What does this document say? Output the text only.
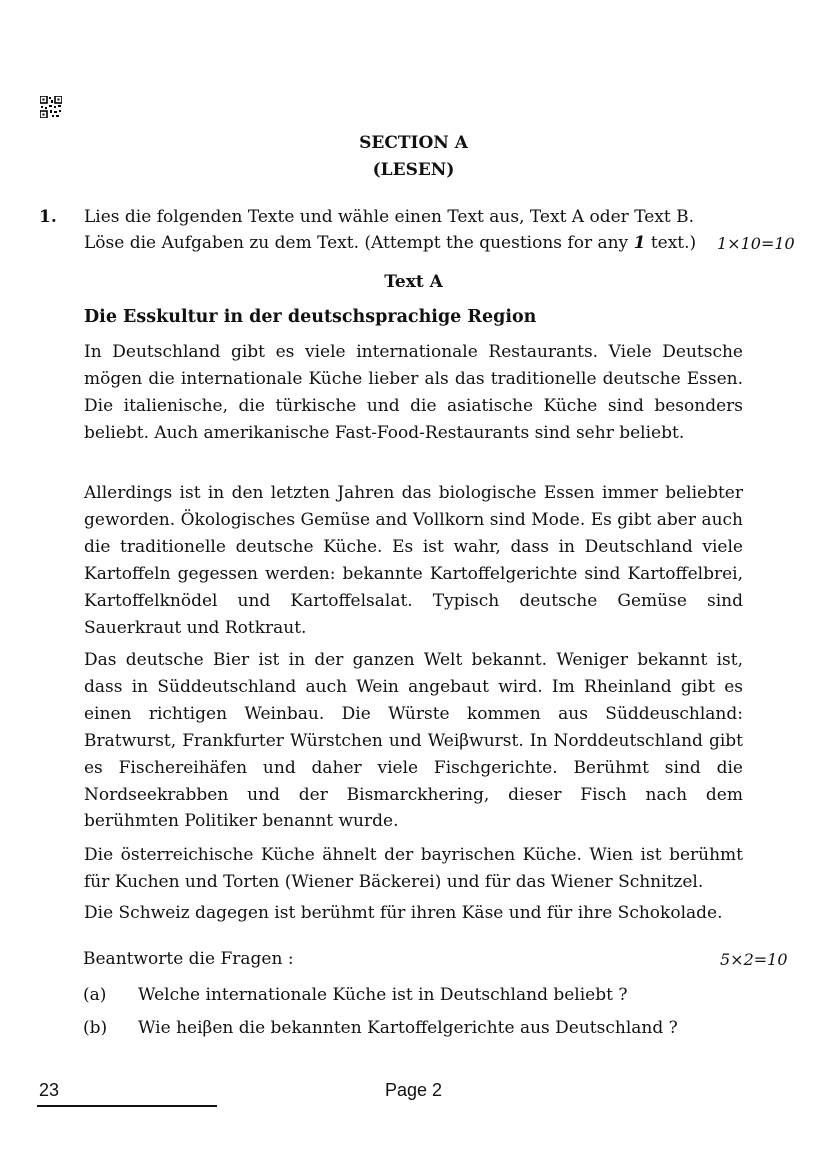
SECTION A
(LESEN)
1. Lies die folgenden Texte und wähle einen Text aus, Text A oder Text B.
Löse die Aufgaben zu dem Text. (Attempt the questions for any 1 text.) 1×10=10
Text A
Die Esskultur in der deutschsprachige Region

In Deutschland gibt es viele internationale Restaurants. Viele Deutsche mögen die internationale Küche lieber als das traditionelle deutsche Essen. Die italienische, die türkische und die asiatische Küche sind besonders beliebt. Auch amerikanische Fast-Food-Restaurants sind sehr beliebt.

Allerdings ist in den letzten Jahren das biologische Essen immer beliebter geworden. Ökologisches Gemüse and Vollkorn sind Mode. Es gibt aber auch die traditionelle deutsche Küche. Es ist wahr, dass in Deutschland viele Kartoffeln gegessen werden: bekannte Kartoffelgerichte sind Kartoffelbrei, Kartoffelknödel und Kartoffelsalat. Typisch deutsche Gemüse sind Sauerkraut und Rotkraut.

Das deutsche Bier ist in der ganzen Welt bekannt. Weniger bekannt ist, dass in Süddeutschland auch Wein angebaut wird. Im Rheinland gibt es einen richtigen Weinbau. Die Würste kommen aus Süddeuschland: Bratwurst, Frankfurter Würstchen und Weiβwurst. In Norddeutschland gibt es Fischereihäfen und daher viele Fischgerichte. Berühmt sind die Nordseekrabben und der Bismarckhering, dieser Fisch nach dem berühmten Politiker benannt wurde.

Die österreichische Küche ähnelt der bayrischen Küche. Wien ist berühmt für Kuchen und Torten (Wiener Bäckerei) und für das Wiener Schnitzel.

Die Schweiz dagegen ist berühmt für ihren Käse und für ihre Schokolade.

Beantworte die Fragen :	5×2=10
(a) Welche internationale Küche ist in Deutschland beliebt ?
(b) Wie heiβen die bekannten Kartoffelgerichte aus Deutschland ?
23	Page 2
